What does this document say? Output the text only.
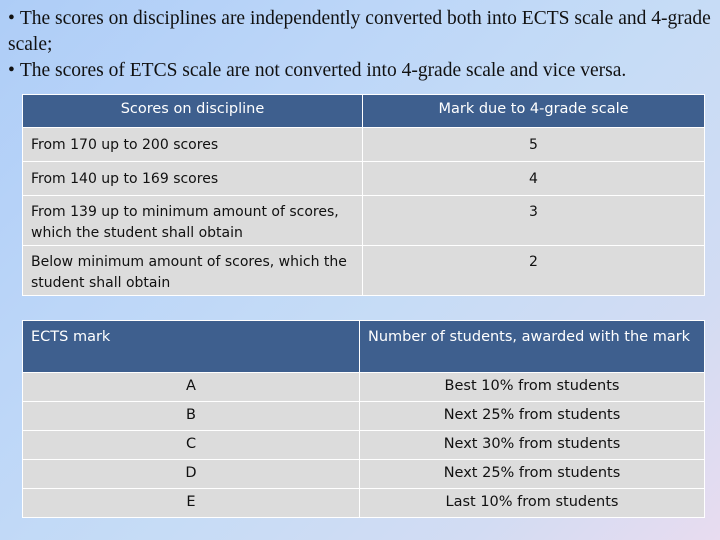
• The scores on disciplines are independently converted both into ECTS scale and 4-grade scale;

• The scores of ETCS scale are not converted into 4-grade scale and vice versa.

Scores on discipline	Mark due to 4-grade scale
From 170 up to 200 scores	5
From 140 up to 169 scores	4
From 139 up to minimum amount of scores, which the student shall obtain	3
Below minimum amount of scores, which the student shall obtain	2
ECTS mark	Number of students, awarded with the mark
A	Best 10% from students
B	Next 25% from students
C	Next 30% from students
D	Next 25% from students
E	Last 10% from students
